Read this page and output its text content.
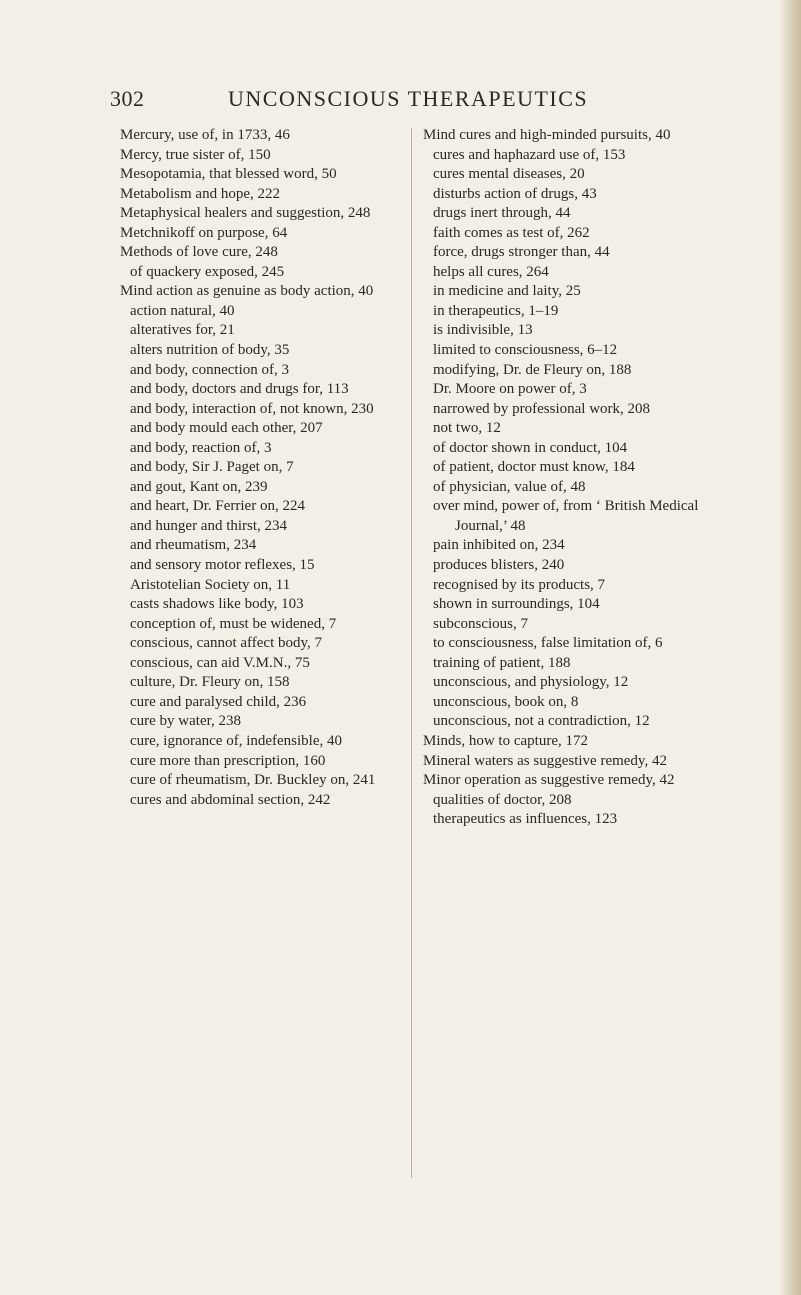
302	UNCONSCIOUS THERAPEUTICS

Mercury, use of, in 1733, 46

Mercy, true sister of, 150

Mesopotamia, that blessed word, 50

Metabolism and hope, 222

Metaphysical healers and suggestion, 248

Metchnikoff on purpose, 64

Methods of love cure, 248

of quackery exposed, 245

Mind action as genuine as body action, 40

action natural, 40

alteratives for, 21

alters nutrition of body, 35

and body, connection of, 3

and body, doctors and drugs for, 113

and body, interaction of, not known, 230

and body mould each other, 207

and body, reaction of, 3

and body, Sir J. Paget on, 7

and gout, Kant on, 239

and heart, Dr. Ferrier on, 224

and hunger and thirst, 234

and rheumatism, 234

and sensory motor reflexes, 15

Aristotelian Society on, 11

casts shadows like body, 103

conception of, must be widened, 7

conscious, cannot affect body, 7

conscious, can aid V.M.N., 75

culture, Dr. Fleury on, 158

cure and paralysed child, 236

cure by water, 238

cure, ignorance of, indefensible, 40

cure more than prescription, 160

cure of rheumatism, Dr. Buckley on, 241

cures and abdominal section, 242

Mind cures and high-minded pursuits, 40

cures and haphazard use of, 153

cures mental diseases, 20

disturbs action of drugs, 43

drugs inert through, 44

faith comes as test of, 262

force, drugs stronger than, 44

helps all cures, 264

in medicine and laity, 25

in therapeutics, 1–19

is indivisible, 13

limited to consciousness, 6–12

modifying, Dr. de Fleury on, 188

Dr. Moore on power of, 3

narrowed by professional work, 208

not two, 12

of doctor shown in conduct, 104

of patient, doctor must know, 184

of physician, value of, 48

over mind, power of, from ‘ British Medical Journal,’ 48

pain inhibited on, 234

produces blisters, 240

recognised by its products, 7

shown in surroundings, 104

subconscious, 7

to consciousness, false limitation of, 6

training of patient, 188

unconscious, and physiology, 12

unconscious, book on, 8

unconscious, not a contradiction, 12

Minds, how to capture, 172

Mineral waters as suggestive remedy, 42

Minor operation as suggestive remedy, 42

qualities of doctor, 208

therapeutics as influences, 123
